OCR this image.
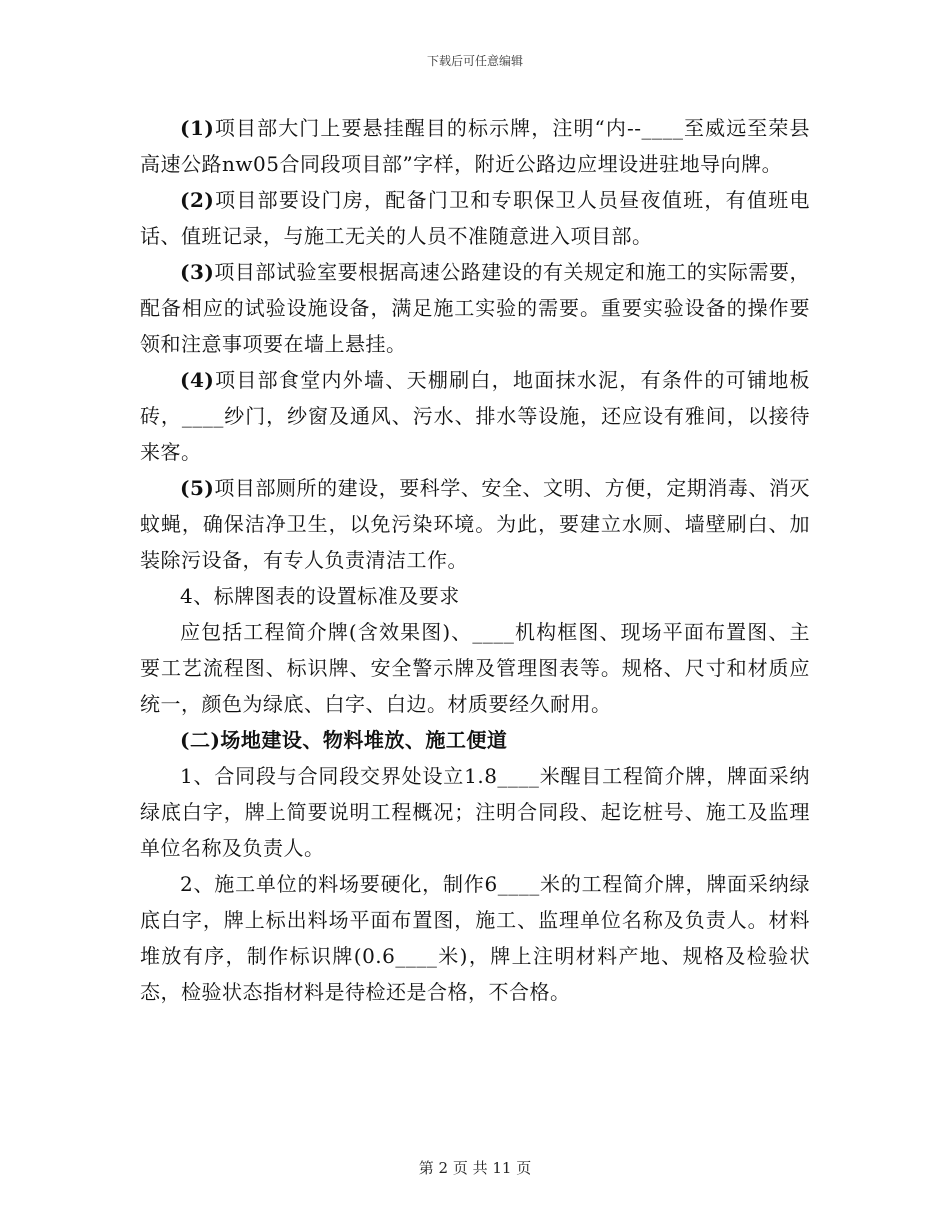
下载后可任意编辑

(1)项目部大门上要悬挂醒目的标示牌，注明“内--____至威远至荣县高速公路nw05合同段项目部”字样，附近公路边应埋设进驻地导向牌。

(2)项目部要设门房，配备门卫和专职保卫人员昼夜值班，有值班电话、值班记录，与施工无关的人员不准随意进入项目部。

(3)项目部试验室要根据高速公路建设的有关规定和施工的实际需要，配备相应的试验设施设备，满足施工实验的需要。重要实验设备的操作要领和注意事项要在墙上悬挂。

(4)项目部食堂内外墙、天棚刷白，地面抹水泥，有条件的可铺地板砖，____纱门，纱窗及通风、污水、排水等设施，还应设有雅间，以接待来客。

(5)项目部厕所的建设，要科学、安全、文明、方便，定期消毒、消灭蚊蝇，确保洁净卫生，以免污染环境。为此，要建立水厕、墙壁刷白、加装除污设备，有专人负责清洁工作。

4、标牌图表的设置标准及要求

应包括工程简介牌(含效果图)、____机构框图、现场平面布置图、主要工艺流程图、标识牌、安全警示牌及管理图表等。规格、尺寸和材质应统一，颜色为绿底、白字、白边。材质要经久耐用。

(二)场地建设、物料堆放、施工便道

1、合同段与合同段交界处设立1.8____米醒目工程简介牌，牌面采纳绿底白字，牌上简要说明工程概况；注明合同段、起讫桩号、施工及监理单位名称及负责人。

2、施工单位的料场要硬化，制作6____米的工程简介牌，牌面采纳绿底白字，牌上标出料场平面布置图，施工、监理单位名称及负责人。材料堆放有序，制作标识牌(0.6____米)，牌上注明材料产地、规格及检验状态，检验状态指材料是待检还是合格，不合格。

第 2 页 共 11 页
